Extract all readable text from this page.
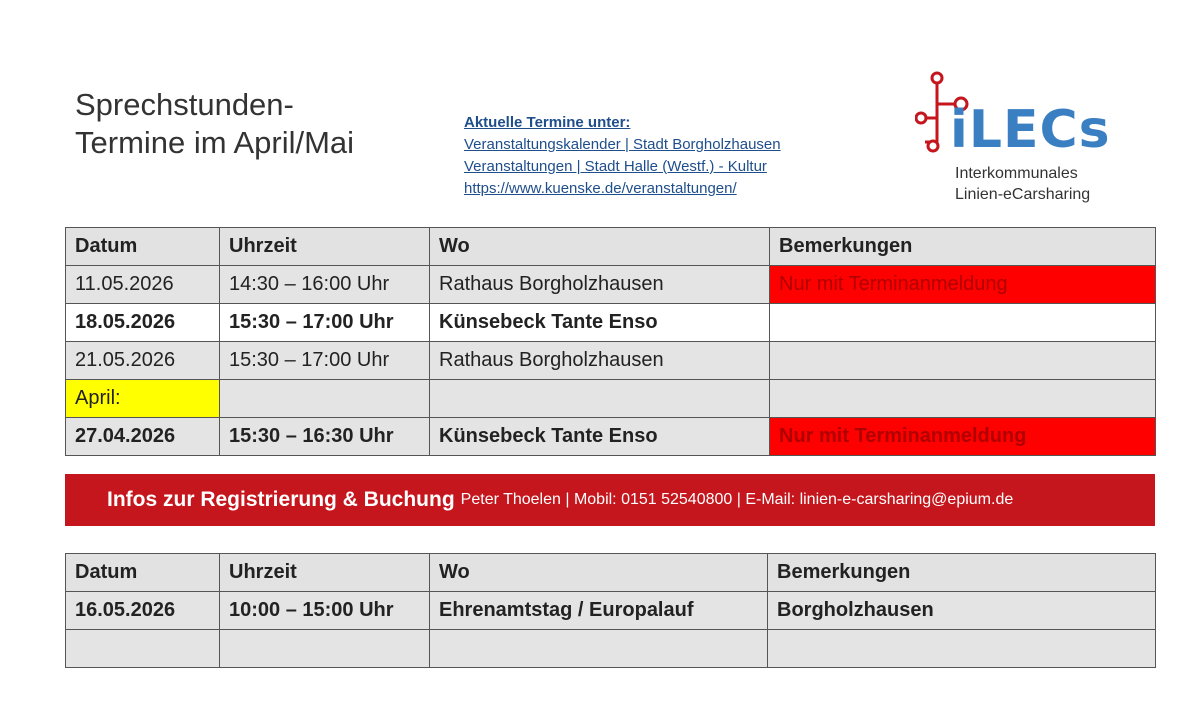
Sprechstunden-
Termine im April/Mai
Aktuelle Termine unter:
Veranstaltungskalender | Stadt Borgholzhausen
Veranstaltungen | Stadt Halle (Westf.) - Kultur
https://www.kuenske.de/veranstaltungen/
iLECs
Interkommunales
Linien-eCarsharing
Datum	Uhrzeit	Wo	Bemerkungen
11.05.2026	14:30 – 16:00 Uhr	Rathaus Borgholzhausen	Nur mit Terminanmeldung
18.05.2026	15:30 – 17:00 Uhr	Künsebeck Tante Enso	
21.05.2026	15:30 – 17:00 Uhr	Rathaus Borgholzhausen	
April:			
27.04.2026	15:30 – 16:30 Uhr	Künsebeck Tante Enso	Nur mit Terminanmeldung
Infos zur Registrierung & Buchung Peter Thoelen | Mobil: 0151 52540800 | E-Mail: linien-e-carsharing@epium.de
Datum	Uhrzeit	Wo	Bemerkungen
16.05.2026	10:00 – 15:00 Uhr	Ehrenamtstag / Europalauf	Borgholzhausen
